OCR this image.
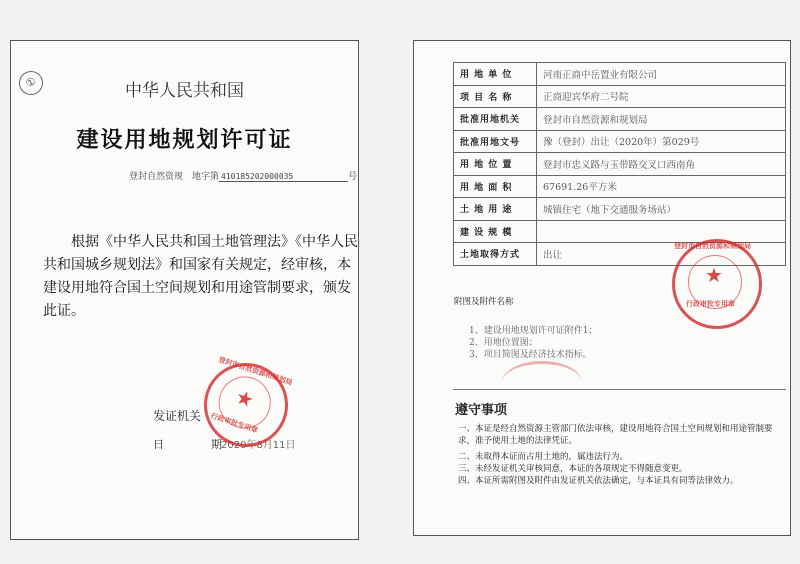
①	中华人民共和国
建设用地规划许可证
登封自然资规　地字第 410185202000035	号
根据《中华人民共和国土地管理法》《中华人民共和国城乡规划法》和国家有关规定，经审核，本建设用地符合国土空间规划和用途管制要求，颁发此证。
发证机关
日　期
2020年8月11日
★
登封市自然资源和规划局
行政审批专用章
用 地 单 位	河南正商中岳置业有限公司
项 目 名 称	正商迎宾华府二号院
批准用地机关	登封市自然资源和规划局
批准用地文号	豫（登封）出让（2020年）第029号
用 地 位 置	登封市忠义路与玉带路交叉口西南角
用 地 面 积	67691.26平方米
土 地 用 途	城镇住宅（地下交通服务场站）
建 设 规 模	
土地取得方式	出让
附图及附件名称
1、建设用地规划许可证附件1；
2、用地位置图；
3、项目简图及经济技术指标。
遵守事项
一、本证是经自然资源主管部门依法审核，建设用地符合国土空间规划和用途管制要求，准予使用土地的法律凭证。
二、未取得本证而占用土地的，属违法行为。
三、未经发证机关审核同意，本证的各项规定不得随意变更。
四、本证所需附图及附件由发证机关依法确定，与本证具有同等法律效力。
★
登封市自然资源和规划局
行政审批专用章
